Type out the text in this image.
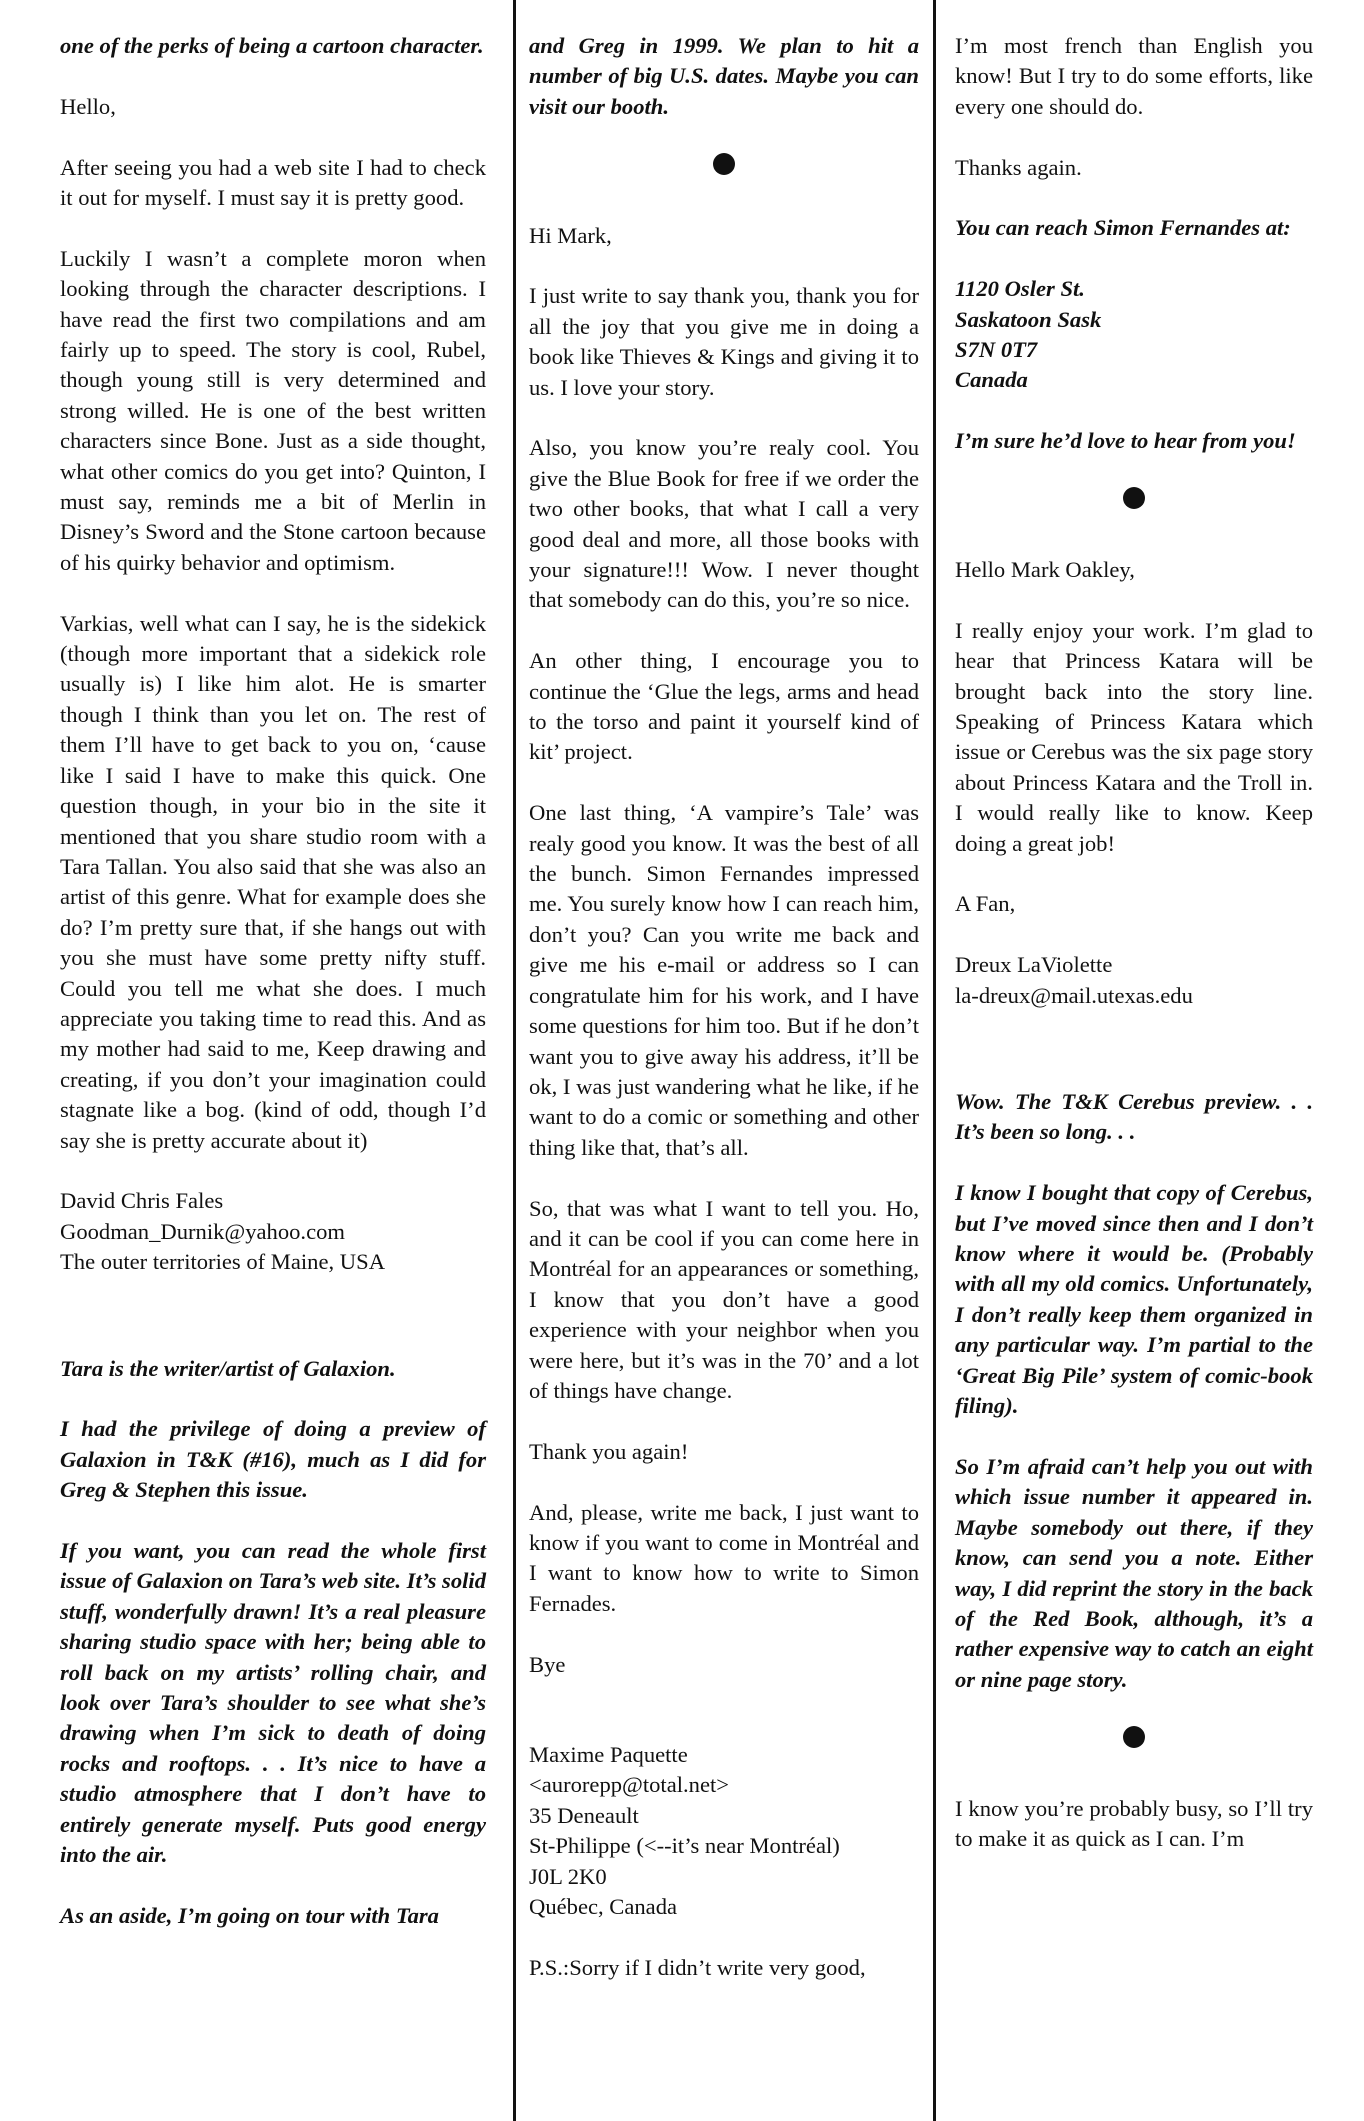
one of the perks of being a cartoon character.

Hello,

After seeing you had a web site I had to check it out for myself. I must say it is pretty good.

Luckily I wasn’t a complete moron when looking through the character descriptions. I have read the first two compilations and am fairly up to speed. The story is cool, Rubel, though young still is very determined and strong willed. He is one of the best written characters since Bone. Just as a side thought, what other comics do you get into? Quinton, I must say, reminds me a bit of Merlin in Disney’s Sword and the Stone cartoon because of his quirky behavior and optimism.

Varkias, well what can I say, he is the sidekick (though more important that a sidekick role usually is) I like him alot. He is smarter though I think than you let on. The rest of them I’ll have to get back to you on, ‘cause like I said I have to make this quick. One question though, in your bio in the site it mentioned that you share studio room with a Tara Tallan. You also said that she was also an artist of this genre. What for example does she do? I’m pretty sure that, if she hangs out with you she must have some pretty nifty stuff. Could you tell me what she does. I much appreciate you taking time to read this. And as my mother had said to me, Keep drawing and creating, if you don’t your imagination could stagnate like a bog. (kind of odd, though I’d say she is pretty accurate about it)

David Chris Fales
Goodman_Durnik@yahoo.com
The outer territories of Maine, USA

Tara is the writer/artist of Galaxion.

I had the privilege of doing a preview of Galaxion in T&K (#16), much as I did for Greg & Stephen this issue.

If you want, you can read the whole first issue of Galaxion on Tara’s web site. It’s solid stuff, wonderfully drawn! It’s a real pleasure sharing studio space with her; being able to roll back on my artists’ rolling chair, and look over Tara’s shoulder to see what she’s drawing when I’m sick to death of doing rocks and rooftops. . . It’s nice to have a studio atmosphere that I don’t have to entirely generate myself. Puts good energy into the air.

As an aside, I’m going on tour with Tara

and Greg in 1999. We plan to hit a number of big U.S. dates. Maybe you can visit our booth.

Hi Mark,

I just write to say thank you, thank you for all the joy that you give me in doing a book like Thieves & Kings and giving it to us. I love your story.

Also, you know you’re realy cool. You give the Blue Book for free if we order the two other books, that what I call a very good deal and more, all those books with your signature!!! Wow. I never thought that somebody can do this, you’re so nice.

An other thing, I encourage you to continue the ‘Glue the legs, arms and head to the torso and paint it yourself kind of kit’ project.

One last thing, ‘A vampire’s Tale’ was realy good you know. It was the best of all the bunch. Simon Fernandes impressed me. You surely know how I can reach him, don’t you? Can you write me back and give me his e-mail or address so I can congratulate him for his work, and I have some questions for him too. But if he don’t want you to give away his address, it’ll be ok, I was just wandering what he like, if he want to do a comic or something and other thing like that, that’s all.

So, that was what I want to tell you. Ho, and it can be cool if you can come here in Montréal for an appearances or something, I know that you don’t have a good experience with your neighbor when you were here, but it’s was in the 70’ and a lot of things have change.

Thank you again!

And, please, write me back, I just want to know if you want to come in Montréal and I want to know how to write to Simon Fernades.

Bye

Maxime Paquette
<aurorepp@total.net>
35 Deneault
St-Philippe (<--it’s near Montréal)
J0L 2K0
Québec, Canada

P.S.:Sorry if I didn’t write very good,

I’m most french than English you know! But I try to do some efforts, like every one should do.

Thanks again.

You can reach Simon Fernandes at:

1120 Osler St.
Saskatoon Sask
S7N 0T7
Canada

I’m sure he’d love to hear from you!

Hello Mark Oakley,

I really enjoy your work. I’m glad to hear that Princess Katara will be brought back into the story line. Speaking of Princess Katara which issue or Cerebus was the six page story about Princess Katara and the Troll in. I would really like to know. Keep doing a great job!

A Fan,

Dreux LaViolette
la-dreux@mail.utexas.edu

Wow. The T&K Cerebus preview. . . It’s been so long. . .

I know I bought that copy of Cerebus, but I’ve moved since then and I don’t know where it would be. (Probably with all my old comics. Unfortunately, I don’t really keep them organized in any particular way. I’m partial to the ‘Great Big Pile’ system of comic-book filing).

So I’m afraid can’t help you out with which issue number it appeared in. Maybe somebody out there, if they know, can send you a note. Either way, I did reprint the story in the back of the Red Book, although, it’s a rather expensive way to catch an eight or nine page story.

I know you’re probably busy, so I’ll try to make it as quick as I can. I’m
